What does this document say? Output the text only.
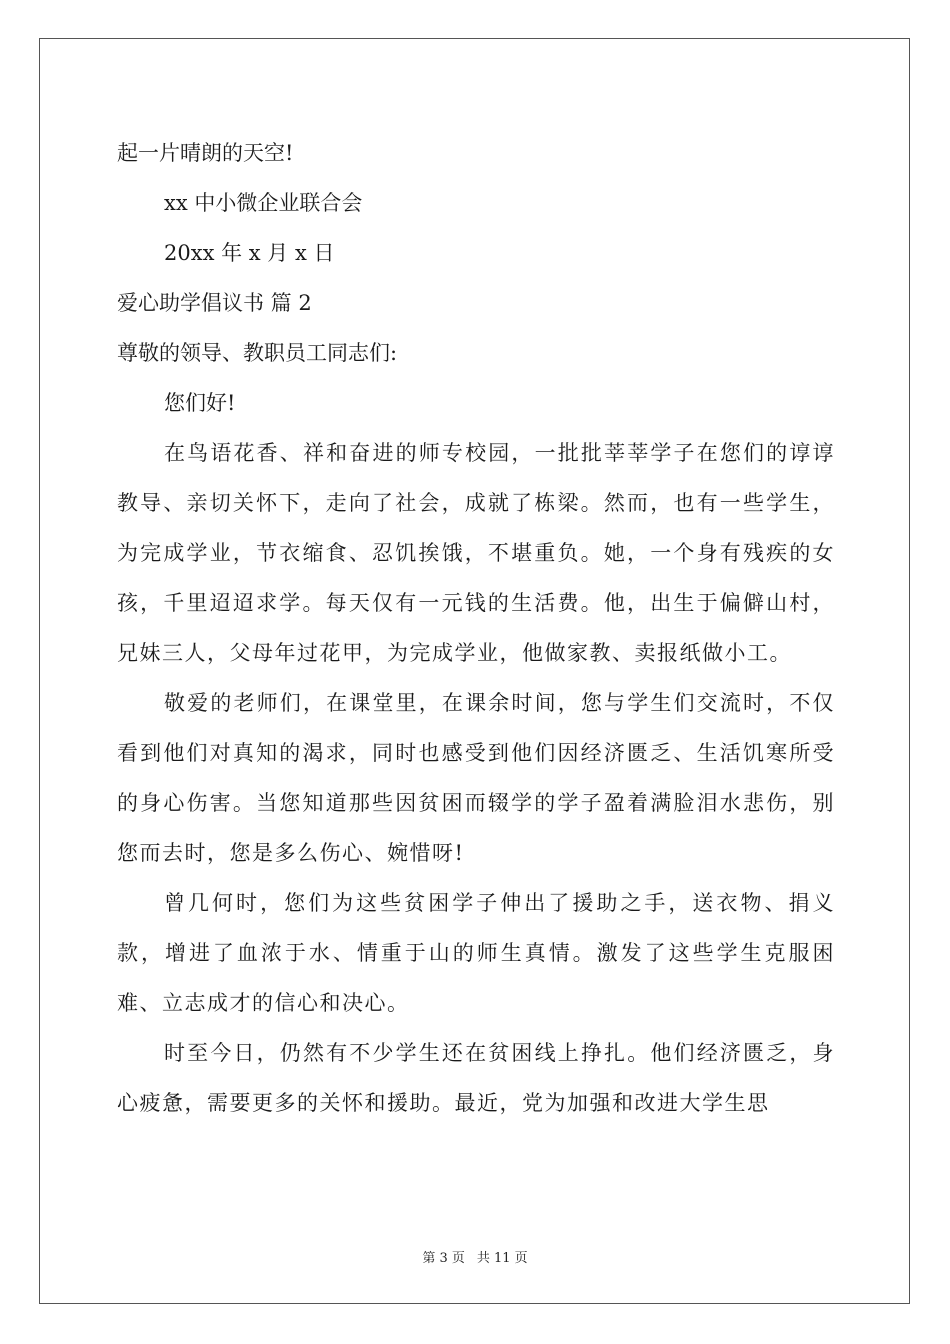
起一片晴朗的天空!

xx 中小微企业联合会

20xx 年 x 月 x 日

爱心助学倡议书 篇 2

尊敬的领导、教职员工同志们:

您们好!

在鸟语花香、祥和奋进的师专校园，一批批莘莘学子在您们的谆谆教导、亲切关怀下，走向了社会，成就了栋梁。然而，也有一些学生，为完成学业，节衣缩食、忍饥挨饿，不堪重负。她，一个身有残疾的女孩，千里迢迢求学。每天仅有一元钱的生活费。他，出生于偏僻山村，兄妹三人，父母年过花甲，为完成学业，他做家教、卖报纸做小工。

敬爱的老师们，在课堂里，在课余时间，您与学生们交流时，不仅看到他们对真知的渴求，同时也感受到他们因经济匮乏、生活饥寒所受的身心伤害。当您知道那些因贫困而辍学的学子盈着满脸泪水悲伤，别您而去时，您是多么伤心、婉惜呀!

曾几何时，您们为这些贫困学子伸出了援助之手，送衣物、捐义款，增进了血浓于水、情重于山的师生真情。激发了这些学生克服困难、立志成才的信心和决心。

时至今日，仍然有不少学生还在贫困线上挣扎。他们经济匮乏，身心疲惫，需要更多的关怀和援助。最近，党为加强和改进大学生思

第 3 页 共 11 页
